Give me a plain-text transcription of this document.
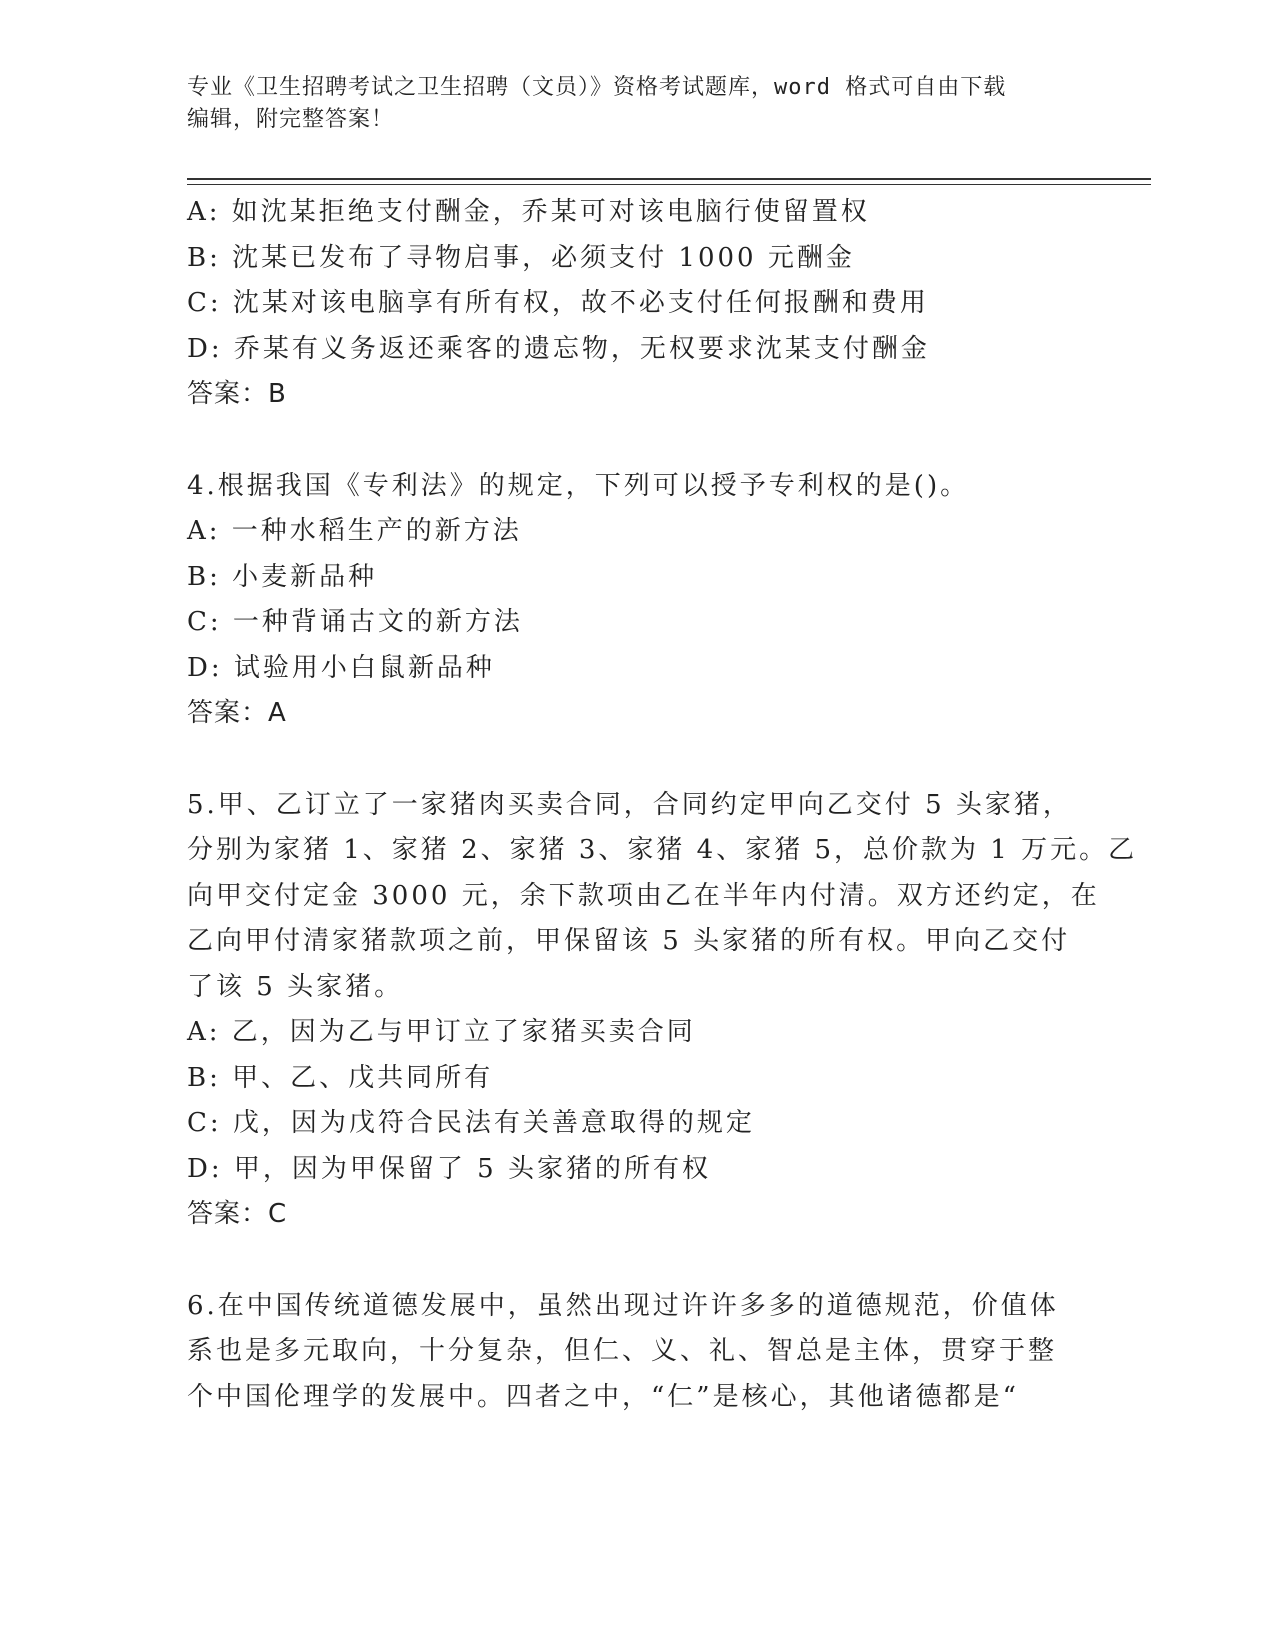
专业《卫生招聘考试之卫生招聘（文员）》资格考试题库，word 格式可自由下载
编辑，附完整答案！
A: 如沈某拒绝支付酬金，乔某可对该电脑行使留置权
B: 沈某已发布了寻物启事，必须支付 1000 元酬金
C: 沈某对该电脑享有所有权，故不必支付任何报酬和费用
D: 乔某有义务返还乘客的遗忘物，无权要求沈某支付酬金
答案：B
4.根据我国《专利法》的规定，下列可以授予专利权的是()。
A: 一种水稻生产的新方法
B: 小麦新品种
C: 一种背诵古文的新方法
D: 试验用小白鼠新品种
答案：A
5.甲、乙订立了一家猪肉买卖合同，合同约定甲向乙交付 5 头家猪，
分别为家猪 1、家猪 2、家猪 3、家猪 4、家猪 5，总价款为 1 万元。乙
向甲交付定金 3000 元，余下款项由乙在半年内付清。双方还约定，在
乙向甲付清家猪款项之前，甲保留该 5 头家猪的所有权。甲向乙交付
了该 5 头家猪。
A: 乙，因为乙与甲订立了家猪买卖合同
B: 甲、乙、戊共同所有
C: 戊，因为戊符合民法有关善意取得的规定
D: 甲，因为甲保留了 5 头家猪的所有权
答案：C
6.在中国传统道德发展中，虽然出现过许许多多的道德规范，价值体
系也是多元取向，十分复杂，但仁、义、礼、智总是主体，贯穿于整
个中国伦理学的发展中。四者之中，“仁”是核心，其他诸德都是“
